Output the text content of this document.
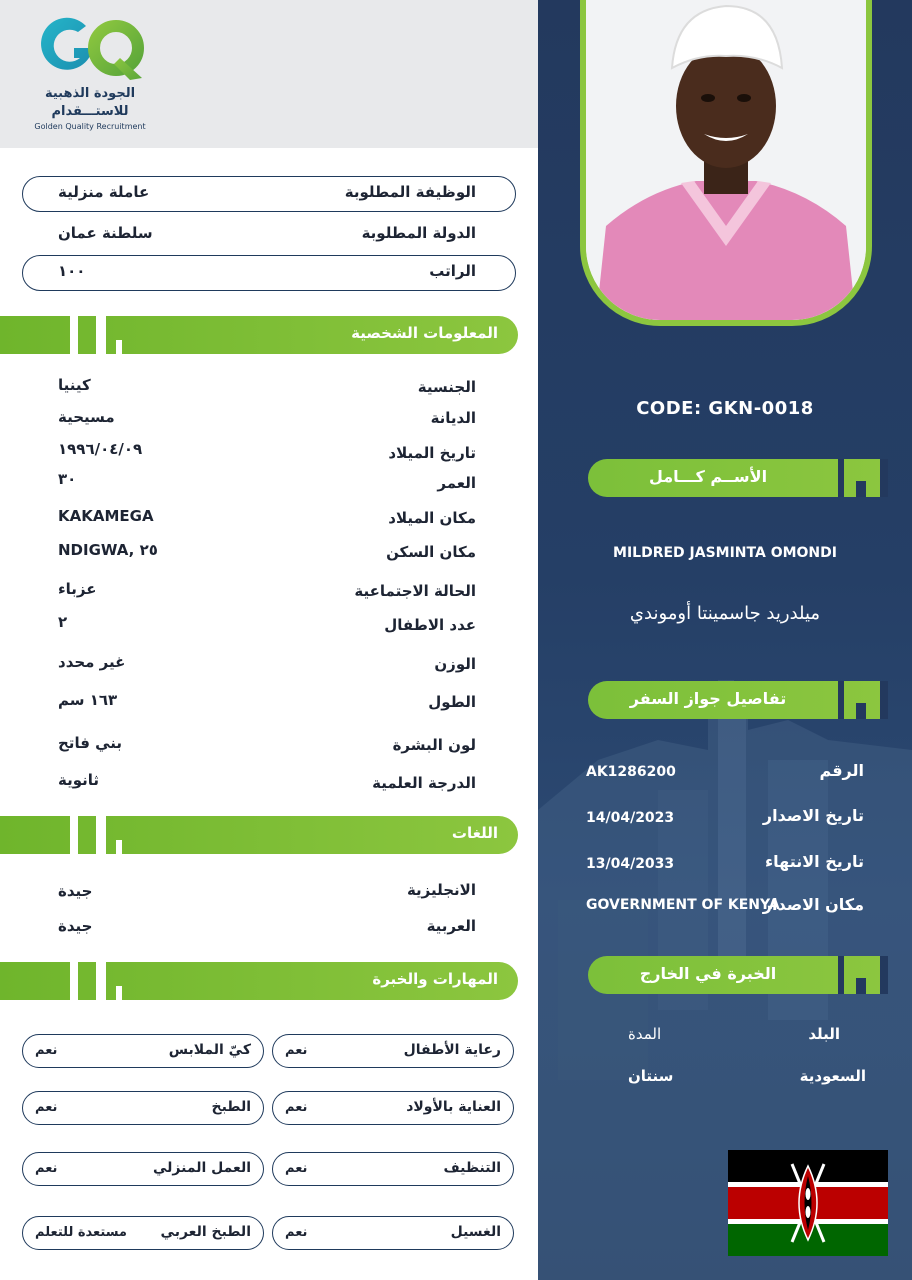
الجودة الذهبية
للاستـــقدام
Golden Quality Recruitment
الوظيفة المطلوبة
عاملة منزلية
الدولة المطلوبة
سلطنة عمان
الراتب
١٠٠
المعلومات الشخصية
الجنسية
كينيا
الديانة
مسيحية
تاريخ الميلاد
١٩٩٦/٠٤/٠٩
العمر
٣٠
مكان الميلاد
KAKAMEGA
مكان السكن
NDIGWA, ٢٥
الحالة الاجتماعية
عزباء
عدد الاطفال
٢
الوزن
غير محدد
الطول
١٦٣ سم
لون البشرة
بني فاتح
الدرجة العلمية
ثانوية
اللغات
الانجليزية
جيدة
العربية
جيدة
المهارات والخبرة
رعاية الأطفال
نعم
كيّ الملابس
نعم
العناية بالأولاد
نعم
الطبخ
نعم
التنظيف
نعم
العمل المنزلي
نعم
الغسيل
نعم
الطبخ العربي
مستعدة للتعلم
CODE: GKN-0018
الأســم كـــامل
MILDRED JASMINTA OMONDI
ميلدريد جاسمينتا أوموندي
تفاصيل جواز السفر
الرقم
AK1286200
تاريخ الاصدار
14/04/2023
تاريخ الانتهاء
13/04/2033
مكان الاصدار
GOVERNMENT OF KENYA
الخبرة في الخارج
البلد
المدة
السعودية
سنتان
